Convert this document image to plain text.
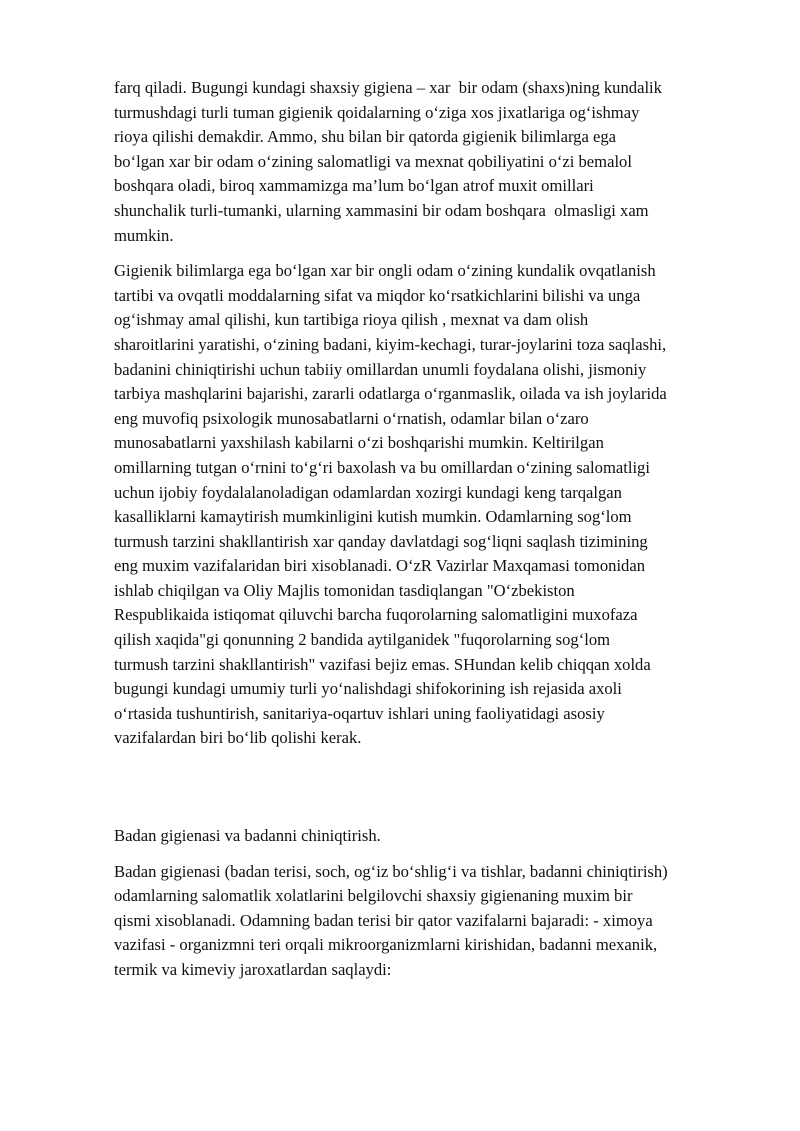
farq qiladi. Bugungi kundagi shaxsiy gigiena – xar  bir odam (shaxs)ning kundalik
turmushdagi turli tuman gigienik qoidalarning o‘ziga xos jixatlariga og‘ishmay
rioya qilishi demakdir. Ammo, shu bilan bir qatorda gigienik bilimlarga ega
bo‘lgan xar bir odam o‘zining salomatligi va mexnat qobiliyatini o‘zi bemalol
boshqara oladi, biroq xammamizga ma’lum bo‘lgan atrof muxit omillari
shunchalik turli-tumanki, ularning xammasini bir odam boshqara  olmasligi xam
mumkin.

Gigienik bilimlarga ega bo‘lgan xar bir ongli odam o‘zining kundalik ovqatlanish
tartibi va ovqatli moddalarning sifat va miqdor ko‘rsatkichlarini bilishi va unga
og‘ishmay amal qilishi, kun tartibiga rioya qilish , mexnat va dam olish
sharoitlarini yaratishi, o‘zining badani, kiyim-kechagi, turar-joylarini toza saqlashi,
badanini chiniqtirishi uchun tabiiy omillardan unumli foydalana olishi, jismoniy
tarbiya mashqlarini bajarishi, zararli odatlarga o‘rganmaslik, oilada va ish joylarida
eng muvofiq psixologik munosabatlarni o‘rnatish, odamlar bilan o‘zaro
munosabatlarni yaxshilash kabilarni o‘zi boshqarishi mumkin. Keltirilgan
omillarning tutgan o‘rnini to‘g‘ri baxolash va bu omillardan o‘zining salomatligi
uchun ijobiy foydalalanoladigan odamlardan xozirgi kundagi keng tarqalgan
kasalliklarni kamaytirish mumkinligini kutish mumkin. Odamlarning sog‘lom
turmush tarzini shakllantirish xar qanday davlatdagi sog‘liqni saqlash tizimining
eng muxim vazifalaridan biri xisoblanadi. O‘zR Vazirlar Maxqamasi tomonidan
ishlab chiqilgan va Oliy Majlis tomonidan tasdiqlangan "O‘zbekiston
Respublikaida istiqomat qiluvchi barcha fuqorolarning salomatligini muxofaza
qilish xaqida"gi qonunning 2 bandida aytilganidek "fuqorolarning sog‘lom
turmush tarzini shakllantirish" vazifasi bejiz emas. SHundan kelib chiqqan xolda
bugungi kundagi umumiy turli yo‘nalishdagi shifokorining ish rejasida axoli
o‘rtasida tushuntirish, sanitariya-oqartuv ishlari uning faoliyatidagi asosiy
vazifalardan biri bo‘lib qolishi kerak.

Badan gigienasi va badanni chiniqtirish.

Badan gigienasi (badan terisi, soch, og‘iz bo‘shlig‘i va tishlar, badanni chiniqtirish)
odamlarning salomatlik xolatlarini belgilovchi shaxsiy gigienaning muxim bir
qismi xisoblanadi. Odamning badan terisi bir qator vazifalarni bajaradi: - ximoya
vazifasi - organizmni teri orqali mikroorganizmlarni kirishidan, badanni mexanik,
termik va kimeviy jaroxatlardan saqlaydi:
